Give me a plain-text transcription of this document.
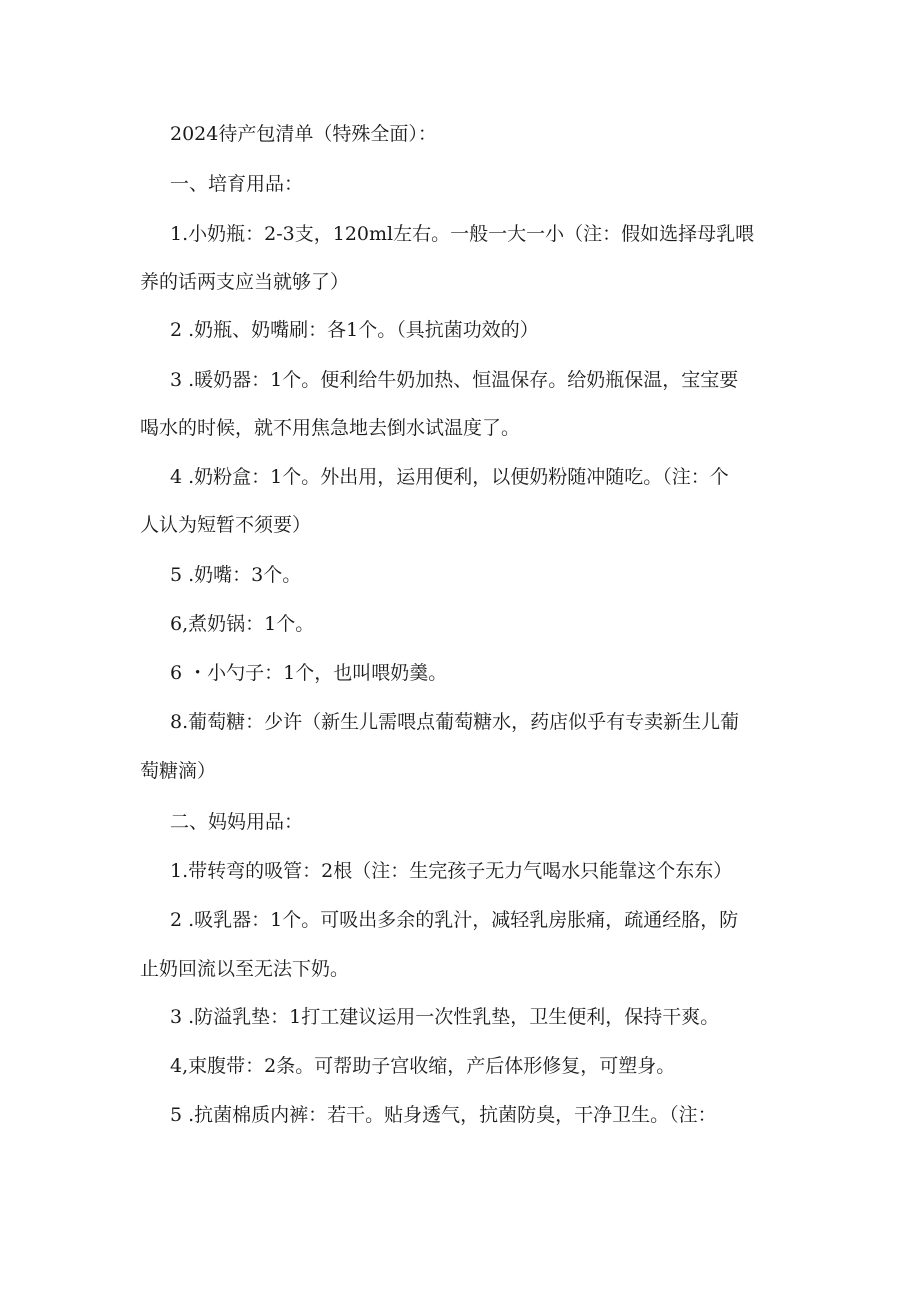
2024待产包清单（特殊全面）：
一、培育用品：
1.小奶瓶：2-3支，120ml左右。一般一大一小（注：假如选择母乳喂
养的话两支应当就够了）
2 .奶瓶、奶嘴刷：各1个。（具抗菌功效的）
3 .暖奶器：1个。便利给牛奶加热、恒温保存。给奶瓶保温，宝宝要
喝水的时候，就不用焦急地去倒水试温度了。
4 .奶粉盒：1个。外出用，运用便利，以便奶粉随冲随吃。（注：个
人认为短暂不须要）
5 .奶嘴：3个。
6,煮奶锅：1个。
6 ・小勺子：1个，也叫喂奶羹。
8.葡萄糖：少许（新生儿需喂点葡萄糖水，药店似乎有专卖新生儿葡
萄糖滴）
二、妈妈用品：
1.带转弯的吸管：2根（注：生完孩子无力气喝水只能靠这个东东）
2 .吸乳器：1个。可吸出多余的乳汁，减轻乳房胀痛，疏通经胳，防
止奶回流以至无法下奶。
3 .防溢乳垫：1打工建议运用一次性乳垫，卫生便利，保持干爽。
4,束腹带：2条。可帮助子宫收缩，产后体形修复，可塑身。
5 .抗菌棉质内裤：若干。贴身透气，抗菌防臭，干净卫生。（注：
